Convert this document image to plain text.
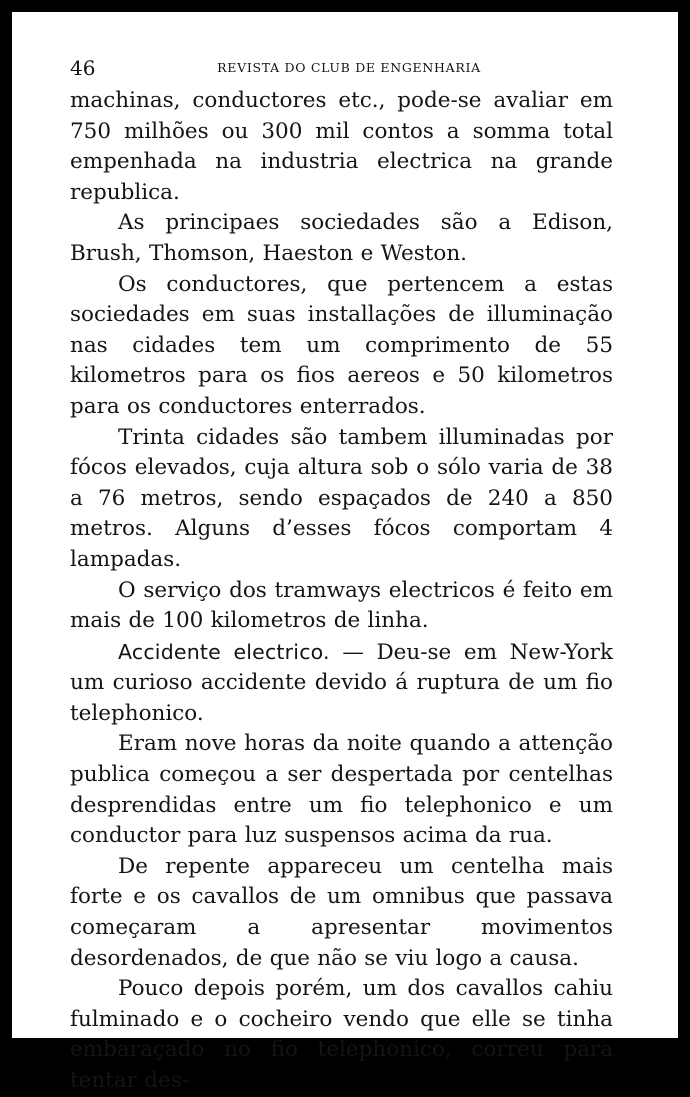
46	REVISTA DO CLUB DE ENGENHARIA

machinas, conductores etc., pode-se avaliar em 750 milhões ou 300 mil contos a somma total empenhada na industria electrica na grande republica.

As principaes sociedades são a Edison, Brush, Thomson, Haeston e Weston.

Os conductores, que pertencem a estas sociedades em suas installações de illuminação nas cidades tem um comprimento de 55 kilometros para os fios aereos e 50 kilometros para os conductores enterrados.

Trinta cidades são tambem illuminadas por fócos elevados, cuja altura sob o sólo varia de 38 a 76 metros, sendo espaçados de 240 a 850 metros. Alguns d’esses fócos comportam 4 lampadas.

O serviço dos tramways electricos é feito em mais de 100 kilometros de linha.

Accidente electrico. — Deu-se em New-York um curioso accidente devido á ruptura de um fio telephonico.

Eram nove horas da noite quando a attenção publica começou a ser despertada por centelhas desprendidas entre um fio telephonico e um conductor para luz suspensos acima da rua.

De repente appareceu um centelha mais forte e os cavallos de um omnibus que passava começaram a apresentar movimentos desordenados, de que não se viu logo a causa.

Pouco depois porém, um dos cavallos cahiu fulminado e o cocheiro vendo que elle se tinha embaraçado no fio telephonico, correu para tentar des-
